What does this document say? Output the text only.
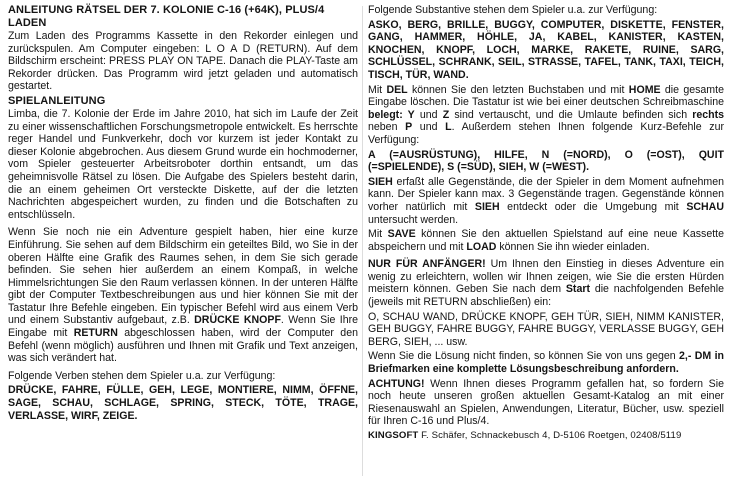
ANLEITUNG RÄTSEL DER 7. KOLONIE C-16 (+64K), PLUS/4
LADEN

Zum Laden des Programms Kassette in den Rekorder einlegen und zurückspulen. Am Computer eingeben: L O A D (RETURN). Auf dem Bildschirm erscheint: PRESS PLAY ON TAPE. Danach die PLAY-Taste am Rekorder drücken. Das Programm wird jetzt geladen und automatisch gestartet.

SPIELANLEITUNG

Limba, die 7. Kolonie der Erde im Jahre 2010, hat sich im Laufe der Zeit zu einer wissenschaftlichen Forschungsmetropole entwickelt. Es herrschte reger Handel und Funkverkehr, doch vor kurzem ist jeder Kontakt zu dieser Kolonie abgebrochen. Aus diesem Grund wurde ein hochmoderner, vom Spieler gesteuerter Arbeitsroboter dorthin entsandt, um das geheimnisvolle Rätsel zu lösen. Die Aufgabe des Spielers besteht darin, die an einem geheimen Ort versteckte Diskette, auf der die letzten Nachrichten abgespeichert wurden, zu finden und die Botschaften zu entschlüsseln.

Wenn Sie noch nie ein Adventure gespielt haben, hier eine kurze Einführung. Sie sehen auf dem Bildschirm ein geteiltes Bild, wo Sie in der oberen Hälfte eine Grafik des Raumes sehen, in dem Sie sich gerade befinden. Sie sehen hier außerdem an einem Kompaß, in welche Himmelsrichtungen Sie den Raum verlassen können. In der unteren Hälfte gibt der Computer Textbeschreibungen aus und hier können Sie mit der Tastatur Ihre Befehle eingeben. Ein typischer Befehl wird aus einem Verb und einem Substantiv aufgebaut, z.B. DRÜCKE KNOPF. Wenn Sie Ihre Eingabe mit RETURN abgeschlossen haben, wird der Computer den Befehl (wenn möglich) ausführen und Ihnen mit Grafik und Text anzeigen, was sich verändert hat.

Folgende Verben stehen dem Spieler u.a. zur Verfügung:

DRÜCKE, FAHRE, FÜLLE, GEH, LEGE, MONTIERE, NIMM, ÖFFNE, SAGE, SCHAU, SCHLAGE, SPRING, STECK, TÖTE, TRAGE, VERLASSE, WIRF, ZEIGE.

Folgende Substantive stehen dem Spieler u.a. zur Verfügung:

ASKO, BERG, BRILLE, BUGGY, COMPUTER, DISKETTE, FENSTER, GANG, HAMMER, HÖHLE, JA, KABEL, KANISTER, KASTEN, KNOCHEN, KNOPF, LOCH, MARKE, RAKETE, RUINE, SARG, SCHLÜSSEL, SCHRANK, SEIL, STRASSE, TAFEL, TANK, TAXI, TEICH, TISCH, TÜR, WAND.

Mit DEL können Sie den letzten Buchstaben und mit HOME die gesamte Eingabe löschen. Die Tastatur ist wie bei einer deutschen Schreibmaschine belegt: Y und Z sind vertauscht, und die Umlaute befinden sich rechts neben P und L. Außerdem stehen Ihnen folgende Kurz-Befehle zur Verfügung:

A (=AUSRÜSTUNG), HILFE, N (=NORD), O (=OST), QUIT (=SPIELENDE), S (=SÜD), SIEH, W (=WEST).

SIEH erfaßt alle Gegenstände, die der Spieler in dem Moment aufnehmen kann. Der Spieler kann max. 3 Gegenstände tragen. Gegenstände können vorher natürlich mit SIEH entdeckt oder die Umgebung mit SCHAU untersucht werden.

Mit SAVE können Sie den aktuellen Spielstand auf eine neue Kassette abspeichern und mit LOAD können Sie ihn wieder einladen.

NUR FÜR ANFÄNGER! Um Ihnen den Einstieg in dieses Adventure ein wenig zu erleichtern, wollen wir Ihnen zeigen, wie Sie die ersten Hürden meistern können. Geben Sie nach dem Start die nachfolgenden Befehle (jeweils mit RETURN abschließen) ein:

O, SCHAU WAND, DRÜCKE KNOPF, GEH TÜR, SIEH, NIMM KANISTER, GEH BUGGY, FAHRE BUGGY, FAHRE BUGGY, VERLASSE BUGGY, GEH BERG, SIEH, ... usw.

Wenn Sie die Lösung nicht finden, so können Sie von uns gegen 2,- DM in Briefmarken eine komplette Lösungsbeschreibung anfordern.

ACHTUNG! Wenn Ihnen dieses Programm gefallen hat, so fordern Sie noch heute unseren großen aktuellen Gesamt-Katalog an mit einer Riesenauswahl an Spielen, Anwendungen, Literatur, Bücher, usw. speziell für Ihren C-16 und Plus/4.

KINGSOFT F. Schäfer, Schnackebusch 4, D-5106 Roetgen, 02408/5119
